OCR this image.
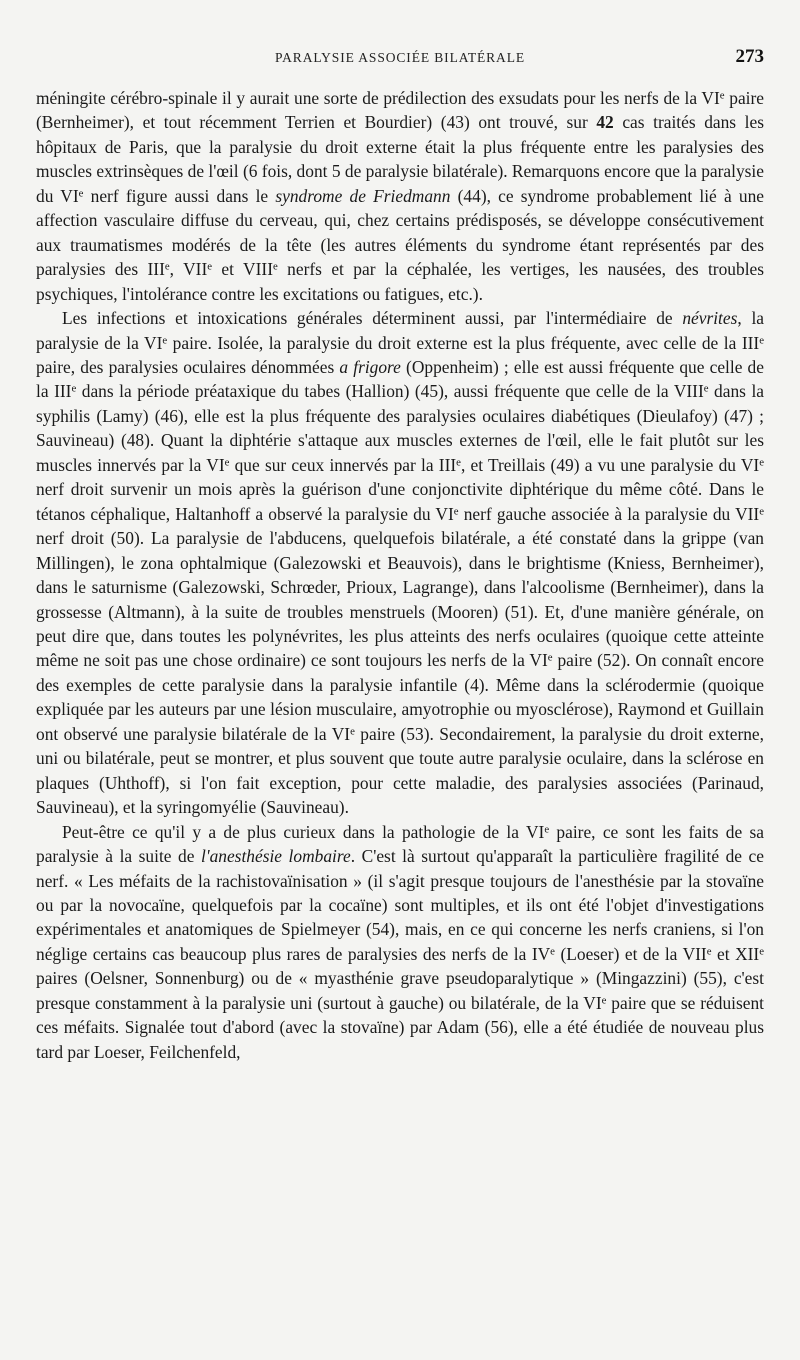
PARALYSIE ASSOCIÉE BILATÉRALE	273

méningite cérébro-spinale il y aurait une sorte de prédilection des exsudats pour les nerfs de la VIe paire (Bernheimer), et tout récemment Terrien et Bourdier) (43) ont trouvé, sur 42 cas traités dans les hôpitaux de Paris, que la paralysie du droit externe était la plus fréquente entre les paralysies des muscles extrinsèques de l'œil (6 fois, dont 5 de paralysie bilatérale). Remarquons encore que la paralysie du VIe nerf figure aussi dans le syndrome de Friedmann (44), ce syndrome probablement lié à une affection vasculaire diffuse du cerveau, qui, chez certains prédisposés, se développe consécutivement aux traumatismes modérés de la tête (les autres éléments du syndrome étant représentés par des paralysies des IIIe, VIIe et VIIIe nerfs et par la céphalée, les vertiges, les nausées, des troubles psychiques, l'intolérance contre les excitations ou fatigues, etc.).

Les infections et intoxications générales déterminent aussi, par l'intermédiaire de névrites, la paralysie de la VIe paire. Isolée, la paralysie du droit externe est la plus fréquente, avec celle de la IIIe paire, des paralysies oculaires dénommées a frigore (Oppenheim) ; elle est aussi fréquente que celle de la IIIe dans la période préataxique du tabes (Hallion) (45), aussi fréquente que celle de la VIIIe dans la syphilis (Lamy) (46), elle est la plus fréquente des paralysies oculaires diabétiques (Dieulafoy) (47) ; Sauvineau) (48). Quant la diphtérie s'attaque aux muscles externes de l'œil, elle le fait plutôt sur les muscles innervés par la VIe que sur ceux innervés par la IIIe, et Treillais (49) a vu une paralysie du VIe nerf droit survenir un mois après la guérison d'une conjonctivite diphtérique du même côté. Dans le tétanos céphalique, Haltanhoff a observé la paralysie du VIe nerf gauche associée à la paralysie du VIIe nerf droit (50). La paralysie de l'abducens, quelquefois bilatérale, a été constaté dans la grippe (van Millingen), le zona ophtalmique (Galezowski et Beauvois), dans le brightisme (Kniess, Bernheimer), dans le saturnisme (Galezowski, Schrœder, Prioux, Lagrange), dans l'alcoolisme (Bernheimer), dans la grossesse (Altmann), à la suite de troubles menstruels (Mooren) (51). Et, d'une manière générale, on peut dire que, dans toutes les polynévrites, les plus atteints des nerfs oculaires (quoique cette atteinte même ne soit pas une chose ordinaire) ce sont toujours les nerfs de la VIe paire (52). On connaît encore des exemples de cette paralysie dans la paralysie infantile (4). Même dans la sclérodermie (quoique expliquée par les auteurs par une lésion musculaire, amyotrophie ou myosclérose), Raymond et Guillain ont observé une paralysie bilatérale de la VIe paire (53). Secondairement, la paralysie du droit externe, uni ou bilatérale, peut se montrer, et plus souvent que toute autre paralysie oculaire, dans la sclérose en plaques (Uhthoff), si l'on fait exception, pour cette maladie, des paralysies associées (Parinaud, Sauvineau), et la syringomyélie (Sauvineau).

Peut-être ce qu'il y a de plus curieux dans la pathologie de la VIe paire, ce sont les faits de sa paralysie à la suite de l'anesthésie lombaire. C'est là surtout qu'apparaît la particulière fragilité de ce nerf. « Les méfaits de la rachistovaïnisation » (il s'agit presque toujours de l'anesthésie par la stovaïne ou par la novocaïne, quelquefois par la cocaïne) sont multiples, et ils ont été l'objet d'investigations expérimentales et anatomiques de Spielmeyer (54), mais, en ce qui concerne les nerfs craniens, si l'on néglige certains cas beaucoup plus rares de paralysies des nerfs de la IVe (Loeser) et de la VIIe et XIIe paires (Oelsner, Sonnenburg) ou de « myasthénie grave pseudoparalytique » (Mingazzini) (55), c'est presque constamment à la paralysie uni (surtout à gauche) ou bilatérale, de la VIe paire que se réduisent ces méfaits. Signalée tout d'abord (avec la stovaïne) par Adam (56), elle a été étudiée de nouveau plus tard par Loeser, Feilchenfeld,
